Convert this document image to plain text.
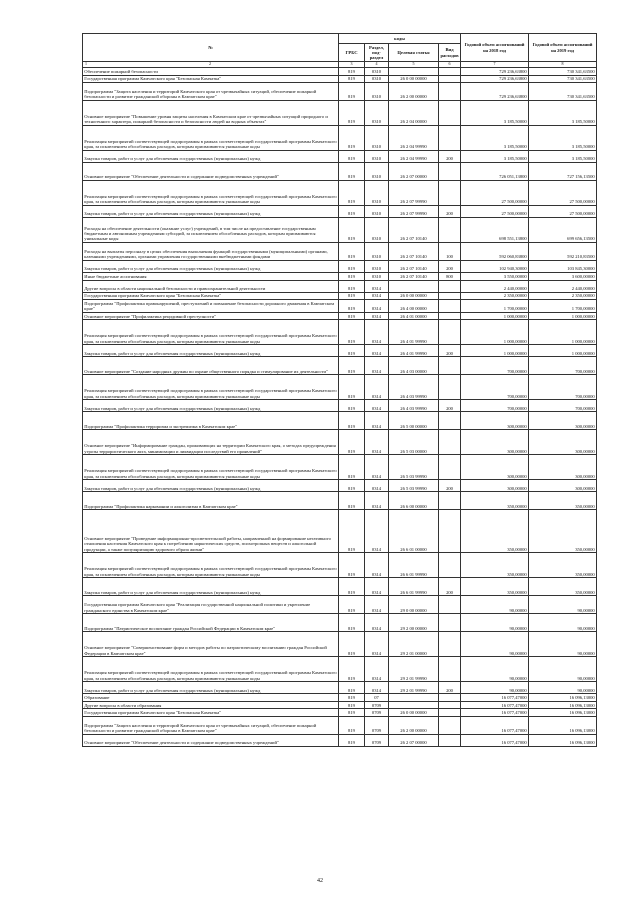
№	коды				Годовой объем ассигнований на 2018 год	Годовой объем ассигнований на 2019 год
	ГРБС	Раздел, под-раздел	Целевая статья	Вид расходов		

1 2	3	4	5	6	7	8
Обеспечение пожарной безопасности	819	0310			729 236,63800	730 341,63500
Государственная программа Камчатского края "Безопасная Камчатка"	819	0310	26 0 00 00000		729 236,63800	730 341,63500
Подпрограмма "Защита населения и территорий Камчатского края от чрезвычайных ситуаций, обеспечение пожарной безопасности и развитие гражданской обороны в Камчатском крае"	819	0310	26 2 00 00000		729 236,63800	730 341,63500
Основное мероприятие "Повышение уровня защиты населения в Камчатском крае от чрезвычайных ситуаций природного и техногенного характера, пожарной безопасности и безопасности людей на водных объектах"	819	0310	26 2 04 00000		3 185,50000	3 185,50000
Реализация мероприятий соответствующей подпрограммы в рамках соответствующей государственной программы Камчатского края, за исключением обособленных расходов, которым присваиваются уникальные коды	819	0310	26 2 04 99990		3 185,50000	3 185,50000
Закупка товаров, работ и услуг для обеспечения государственных (муниципальных) нужд	819	0310	26 2 04 99990	200	3 185,50000	3 185,50000
Основное мероприятие "Обеспечение деятельности и содержание подведомственных учреждений"	819	0310	26 2 07 00000		726 051,13800	727 156,13500
Реализация мероприятий соответствующей подпрограммы в рамках соответствующей государственной программы Камчатского края, за исключением обособленных расходов, которым присваиваются уникальные коды	819	0310	26 2 07 99990		27 500,00000	27 500,00000
Закупка товаров, работ и услуг для обеспечения государственных (муниципальных) нужд	819	0310	26 2 07 99990	200	27 500,00000	27 500,00000
Расходы на обеспечение деятельности (оказание услуг) учреждений, в том числе на предоставление государственным бюджетным и автономным учреждениям субсидий, за исключением обособленных расходов, которым присваиваются уникальные коды	819	0310	26 2 07 10140		698 551,13800	699 656,13500
Расходы на выплаты персоналу в целях обеспечения выполнения функций государственными (муниципальными) органами, казенными учреждениями, органами управления государственными внебюджетными фондами	819	0310	26 2 07 10140	100	592 060,83800	592 210,83500
Закупка товаров, работ и услуг для обеспечения государственных (муниципальных) нужд	819	0310	26 2 07 10140	200	102 940,30000	103 845,30000
Иные бюджетные ассигнования	819	0310	26 2 07 10140	800	3 550,00000	3 600,00000
Другие вопросы в области национальной безопасности и правоохранительной деятельности	819	0314			2 440,00000	2 440,00000
Государственная программа Камчатского края "Безопасная Камчатка"	819	0314	26 0 00 00000		2 350,00000	2 350,00000
Подпрограмма "Профилактика правонарушений, преступлений и повышение безопасности дорожного движения в Камчатском крае"	819	0314	26 4 00 00000		1 700,00000	1 700,00000
Основное мероприятие "Профилактика рецидивной преступности"	819	0314	26 4 01 00000		1 000,00000	1 000,00000
Реализация мероприятий соответствующей подпрограммы в рамках соответствующей государственной программы Камчатского края, за исключением обособленных расходов, которым присваиваются уникальные коды	819	0314	26 4 01 99990		1 000,00000	1 000,00000
Закупка товаров, работ и услуг для обеспечения государственных (муниципальных) нужд	819	0314	26 4 01 99990	200	1 000,00000	1 000,00000
Основное мероприятие "Создание народных дружин по охране общественного порядка и стимулирование их деятельности"	819	0314	26 4 03 00000		700,00000	700,00000
Реализация мероприятий соответствующей подпрограммы в рамках соответствующей государственной программы Камчатского края, за исключением обособленных расходов, которым присваиваются уникальные коды	819	0314	26 4 03 99990		700,00000	700,00000
Закупка товаров, работ и услуг для обеспечения государственных (муниципальных) нужд	819	0314	26 4 03 99990	200	700,00000	700,00000
Подпрограмма "Профилактика терроризма и экстремизма в Камчатском крае"	819	0314	26 5 00 00000		300,00000	300,00000
Основное мероприятие "Информирование граждан, проживающих на территории Камчатского края, о методах предупреждения угрозы террористического акта, минимизации и ликвидации последствий его проявлений"	819	0314	26 5 03 00000		300,00000	300,00000
Реализация мероприятий соответствующей подпрограммы в рамках соответствующей государственной программы Камчатского края, за исключением обособленных расходов, которым присваиваются уникальные коды	819	0314	26 5 03 99990		300,00000	300,00000
Закупка товаров, работ и услуг для обеспечения государственных (муниципальных) нужд	819	0314	26 5 03 99990	200	300,00000	300,00000
Подпрограмма "Профилактика наркомании и алкоголизма в Камчатском крае"	819	0314	26 6 00 00000		350,00000	350,00000
Основное мероприятие "Проведение информационно-просветительской работы, направленной на формирование негативного отношения населения Камчатского края к потреблению наркотических средств, психотропных веществ и алкогольной продукции, а также популяризацию здорового образа жизни"	819	0314	26 6 01 00000		350,00000	350,00000
Реализация мероприятий соответствующей подпрограммы в рамках соответствующей государственной программы Камчатского края, за исключением обособленных расходов, которым присваиваются уникальные коды	819	0314	26 6 01 99990		350,00000	350,00000
Закупка товаров, работ и услуг для обеспечения государственных (муниципальных) нужд	819	0314	26 6 01 99990	200	350,00000	350,00000
Государственная программа Камчатского края "Реализация государственной национальной политики и укрепление гражданского единства в Камчатском крае"	819	0314	29 0 00 00000		90,00000	90,00000
Подпрограмма "Патриотическое воспитание граждан Российской Федерации в Камчатском крае"	819	0314	29 2 00 00000		90,00000	90,00000
Основное мероприятие "Совершенствование форм и методов работы по патриотическому воспитанию граждан Российской Федерации в Камчатском крае"	819	0314	29 2 01 00000		90,00000	90,00000
Реализация мероприятий соответствующей подпрограммы в рамках соответствующей государственной программы Камчатского края, за исключением обособленных расходов, которым присваиваются уникальные коды	819	0314	29 2 01 99990		90,00000	90,00000
Закупка товаров, работ и услуг для обеспечения государственных (муниципальных) нужд	819	0314	29 2 01 99990	200	90,00000	90,00000
Образование	819	07			16 077,47000	16 096,13000
Другие вопросы в области образования	819	0709			16 077,47000	16 096,13000
Государственная программа Камчатского края "Безопасная Камчатка"	819	0709	26 0 00 00000		16 077,47000	16 096,13000
Подпрограмма "Защита населения и территорий Камчатского края от чрезвычайных ситуаций, обеспечение пожарной безопасности и развитие гражданской обороны в Камчатском крае"	819	0709	26 2 00 00000		16 077,47000	16 096,13000
Основное мероприятие "Обеспечение деятельности и содержание подведомственных учреждений"	819	0709	26 2 07 00000		16 077,47000	16 096,13000
42
